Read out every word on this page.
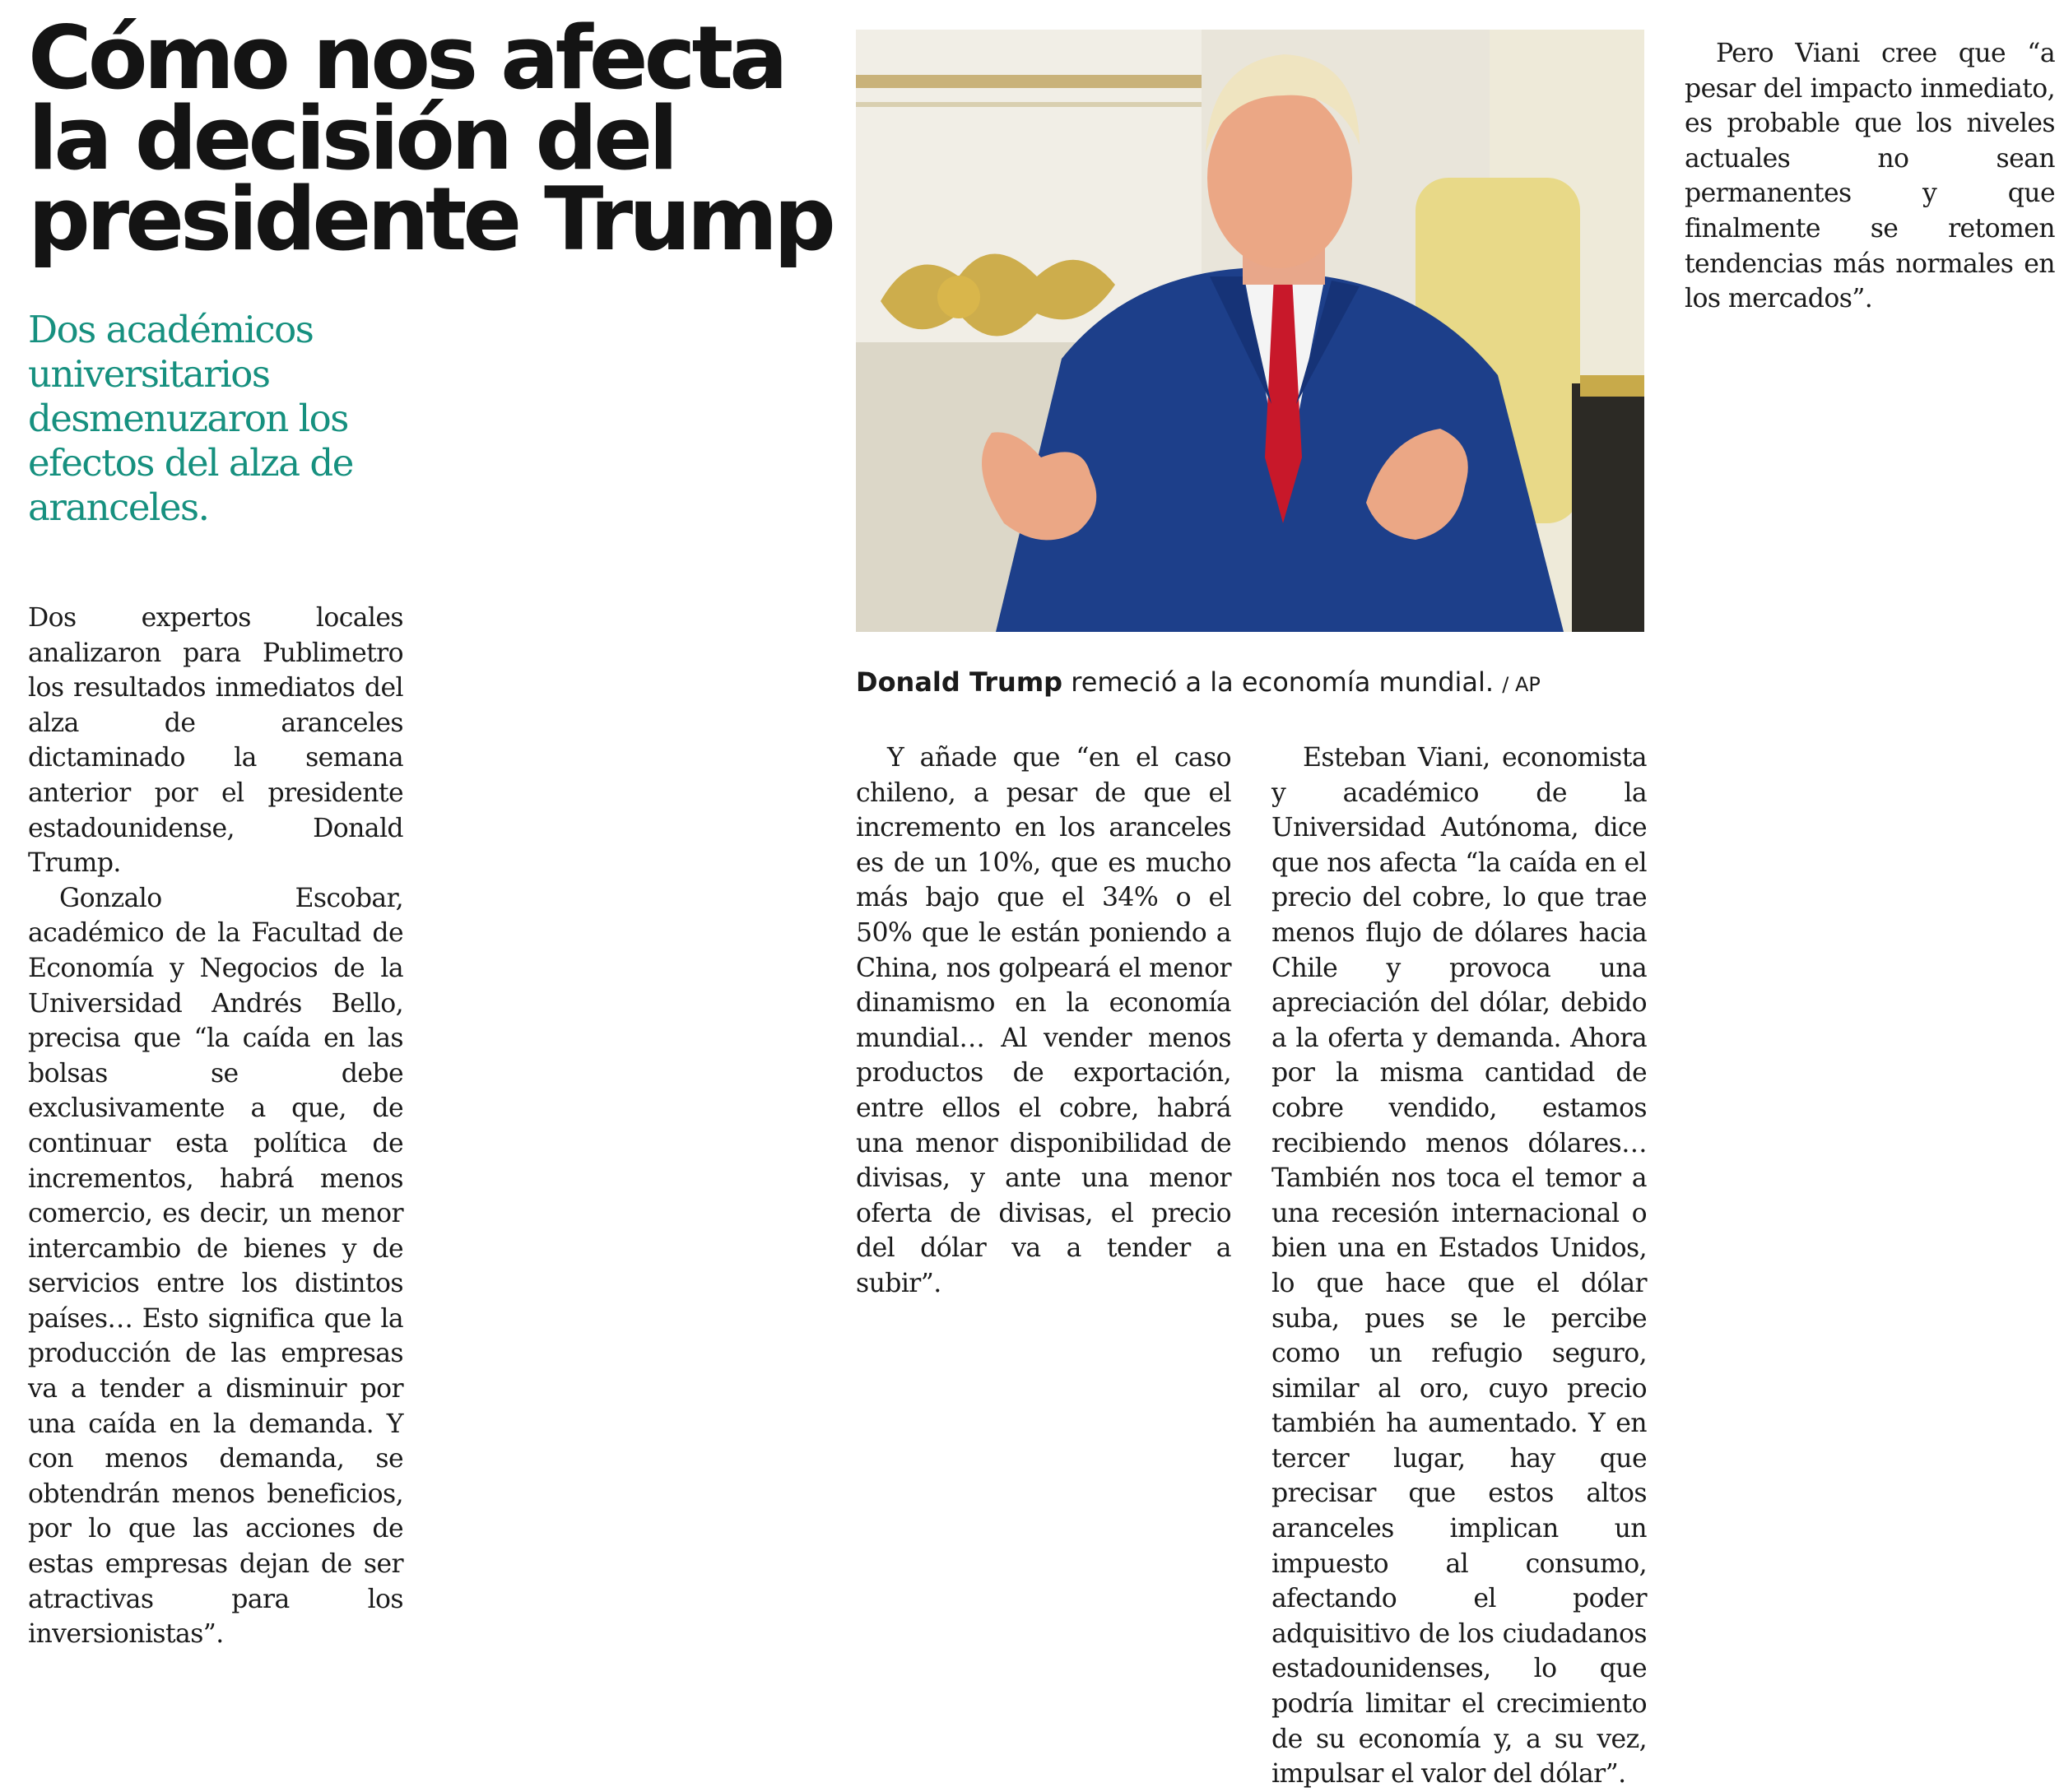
Cómo nos afecta
la decisión del
presidente Trump

Dos académicos universitarios desmenuzaron los efectos del alza de aranceles.

Donald Trump remeció a la economía mundial. / AP

Dos expertos locales analizaron para Publimetro los resultados inmediatos del alza de aranceles dictaminado la semana anterior por el presidente estadounidense, Donald Trump.

Gonzalo Escobar, académico de la Facultad de Economía y Negocios de la Universidad Andrés Bello, precisa que “la caída en las bolsas se debe exclusivamente a que, de continuar esta política de incrementos, habrá menos comercio, es decir, un menor intercambio de bienes y de servicios entre los distintos países… Esto significa que la producción de las empresas va a tender a disminuir por una caída en la demanda. Y con menos demanda, se obtendrán menos beneficios, por lo que las acciones de estas empresas dejan de ser atractivas para los inversionistas”.

Y añade que “en el caso chileno, a pesar de que el incremento en los aranceles es de un 10%, que es mucho más bajo que el 34% o el 50% que le están poniendo a China, nos golpeará el menor dinamismo en la economía mundial… Al vender menos productos de exportación, entre ellos el cobre, habrá una menor disponibilidad de divisas, y ante una menor oferta de divisas, el precio del dólar va a tender a subir”.

Esteban Viani, economista y académico de la Universidad Autónoma, dice que nos afecta “la caída en el precio del cobre, lo que trae menos flujo de dólares hacia Chile y provoca una apreciación del dólar, debido a la oferta y demanda. Ahora por la misma cantidad de cobre vendido, estamos recibiendo menos dólares… También nos toca el temor a una recesión internacional o bien una en Estados Unidos, lo que hace que el dólar suba, pues se le percibe como un refugio seguro, similar al oro, cuyo precio también ha aumentado. Y en tercer lugar, hay que precisar que estos altos aranceles implican un impuesto al consumo, afectando el poder adquisitivo de los ciudadanos estadounidenses, lo que podría limitar el crecimiento de su economía y, a su vez, impulsar el valor del dólar”.

Pero Viani cree que “a pesar del impacto inmediato, es probable que los niveles actuales no sean permanentes y que finalmente se retomen tendencias más normales en los mercados”.
